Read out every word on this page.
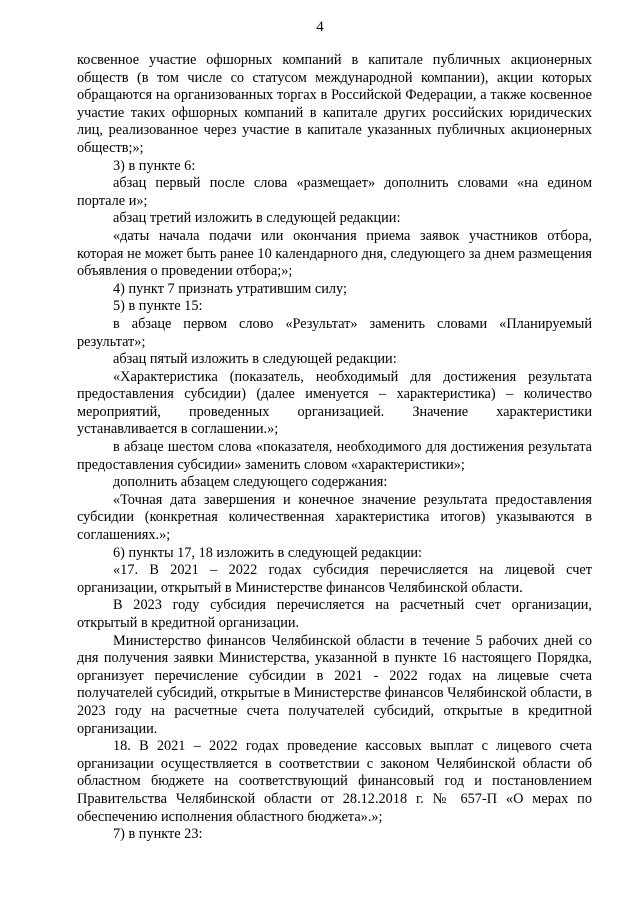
4

косвенное участие офшорных компаний в капитале публичных акционерных обществ (в том числе со статусом международной компании), акции которых обращаются на организованных торгах в Российской Федерации, а также косвенное участие таких офшорных компаний в капитале других российских юридических лиц, реализованное через участие в капитале указанных публичных акционерных обществ;»;

3) в пункте 6:

абзац первый после слова «размещает» дополнить словами «на едином портале и»;

абзац третий изложить в следующей редакции:

«даты начала подачи или окончания приема заявок участников отбора, которая не может быть ранее 10 календарного дня, следующего за днем размещения объявления о проведении отбора;»;

4) пункт 7 признать утратившим силу;

5) в пункте 15:

в абзаце первом слово «Результат» заменить словами «Планируемый результат»;

абзац пятый изложить в следующей редакции:

«Характеристика (показатель, необходимый для достижения результата предоставления субсидии) (далее именуется – характеристика) – количество мероприятий, проведенных организацией. Значение характеристики устанавливается в соглашении.»;

в абзаце шестом слова «показателя, необходимого для достижения результата предоставления субсидии» заменить словом «характеристики»;

дополнить абзацем следующего содержания:

«Точная дата завершения и конечное значение результата предоставления субсидии (конкретная количественная характеристика итогов) указываются в соглашениях.»;

6) пункты 17, 18 изложить в следующей редакции:

«17. В 2021 – 2022 годах субсидия перечисляется на лицевой счет организации, открытый в Министерстве финансов Челябинской области.

В 2023 году субсидия перечисляется на расчетный счет организации, открытый в кредитной организации.

Министерство финансов Челябинской области в течение 5 рабочих дней со дня получения заявки Министерства, указанной в пункте 16 настоящего Порядка, организует перечисление субсидии в 2021 - 2022 годах на лицевые счета получателей субсидий, открытые в Министерстве финансов Челябинской области, в 2023 году на расчетные счета получателей субсидий, открытые в кредитной организации.

18. В 2021 – 2022 годах проведение кассовых выплат с лицевого счета организации осуществляется в соответствии с законом Челябинской области об областном бюджете на соответствующий финансовый год и постановлением Правительства Челябинской области от 28.12.2018 г. № 657-П «О мерах по обеспечению исполнения областного бюджета».»;

7) в пункте 23:
